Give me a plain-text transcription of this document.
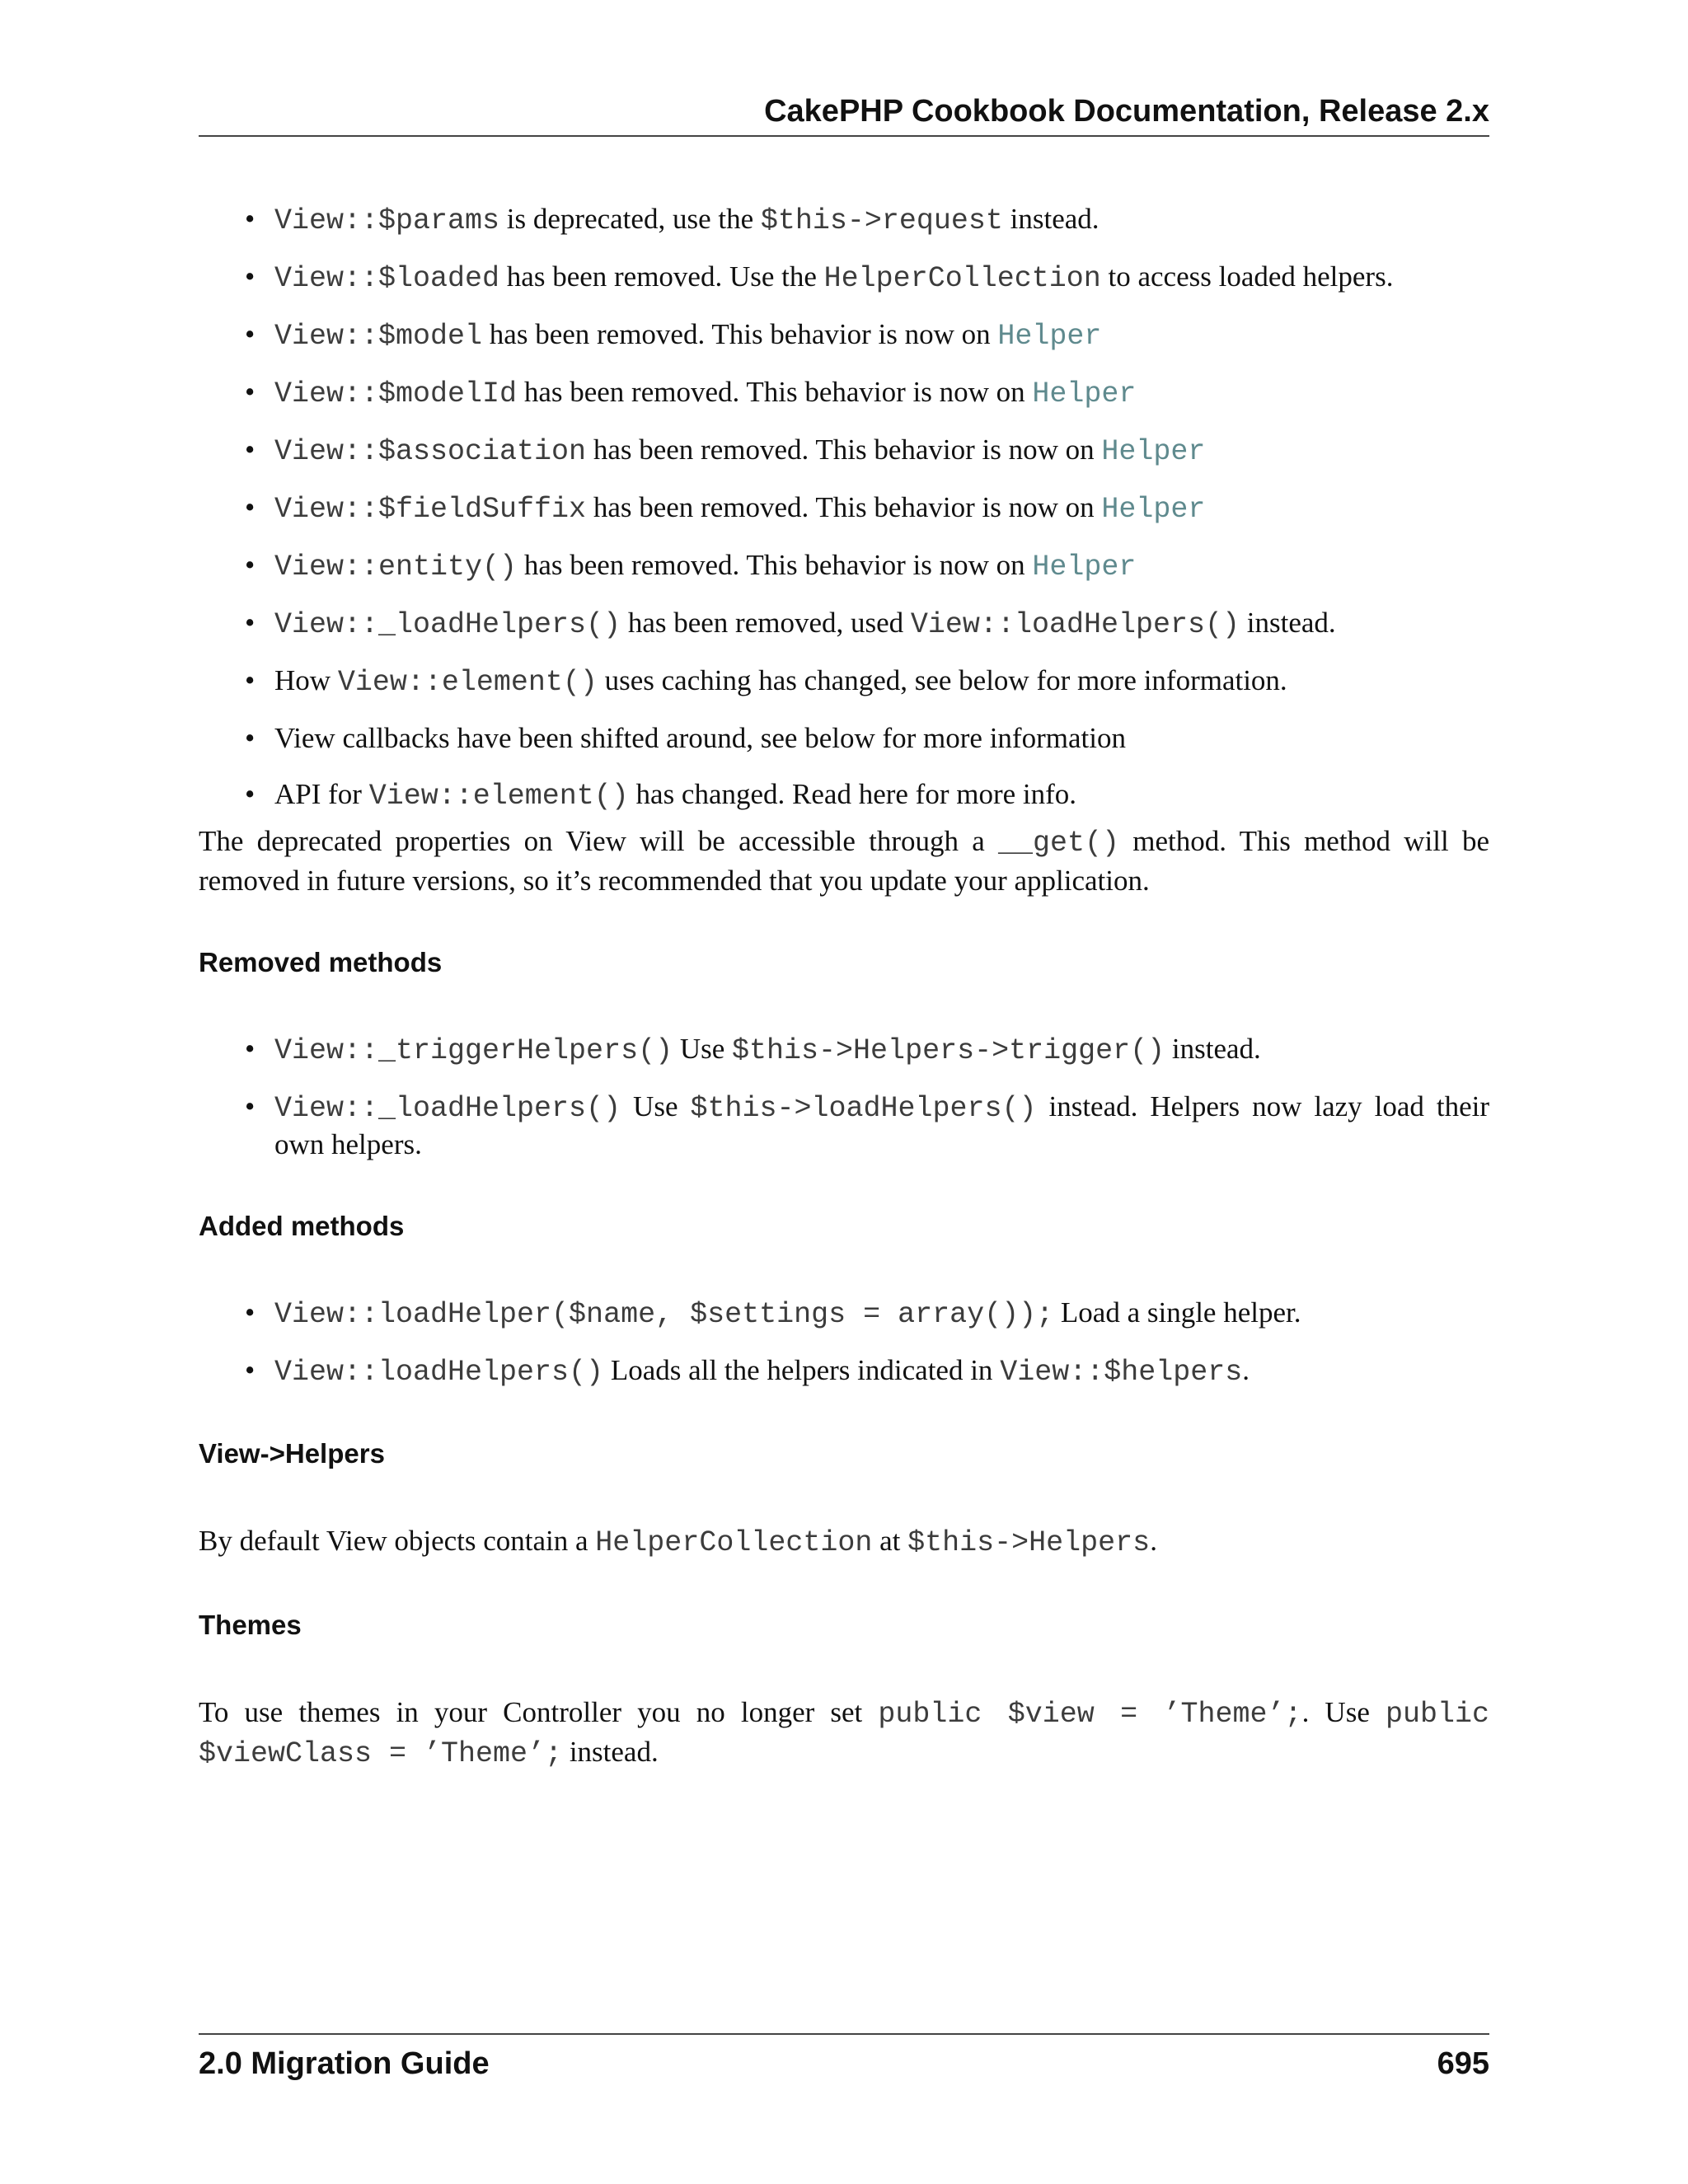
CakePHP Cookbook Documentation, Release 2.x
• View::$params is deprecated, use the $this->request instead.
• View::$loaded has been removed. Use the HelperCollection to access loaded helpers.
• View::$model has been removed. This behavior is now on Helper
• View::$modelId has been removed. This behavior is now on Helper
• View::$association has been removed. This behavior is now on Helper
• View::$fieldSuffix has been removed. This behavior is now on Helper
• View::entity() has been removed. This behavior is now on Helper
• View::_loadHelpers() has been removed, used View::loadHelpers() instead.
• How View::element() uses caching has changed, see below for more information.
• View callbacks have been shifted around, see below for more information
• API for View::element() has changed. Read here for more info.

The deprecated properties on View will be accessible through a __get() method. This method will be removed in future versions, so it’s recommended that you update your application.

Removed methods
• View::_triggerHelpers() Use $this->Helpers->trigger() instead.
• View::_loadHelpers() Use $this->loadHelpers() instead. Helpers now lazy load their own helpers.
Added methods
• View::loadHelper($name, $settings = array()); Load a single helper.
• View::loadHelpers() Loads all the helpers indicated in View::$helpers.
View->Helpers

By default View objects contain a HelperCollection at $this->Helpers.

Themes

To use themes in your Controller you no longer set public $view = ’Theme’;. Use public $viewClass = ’Theme’; instead.

2.0 Migration Guide	695
